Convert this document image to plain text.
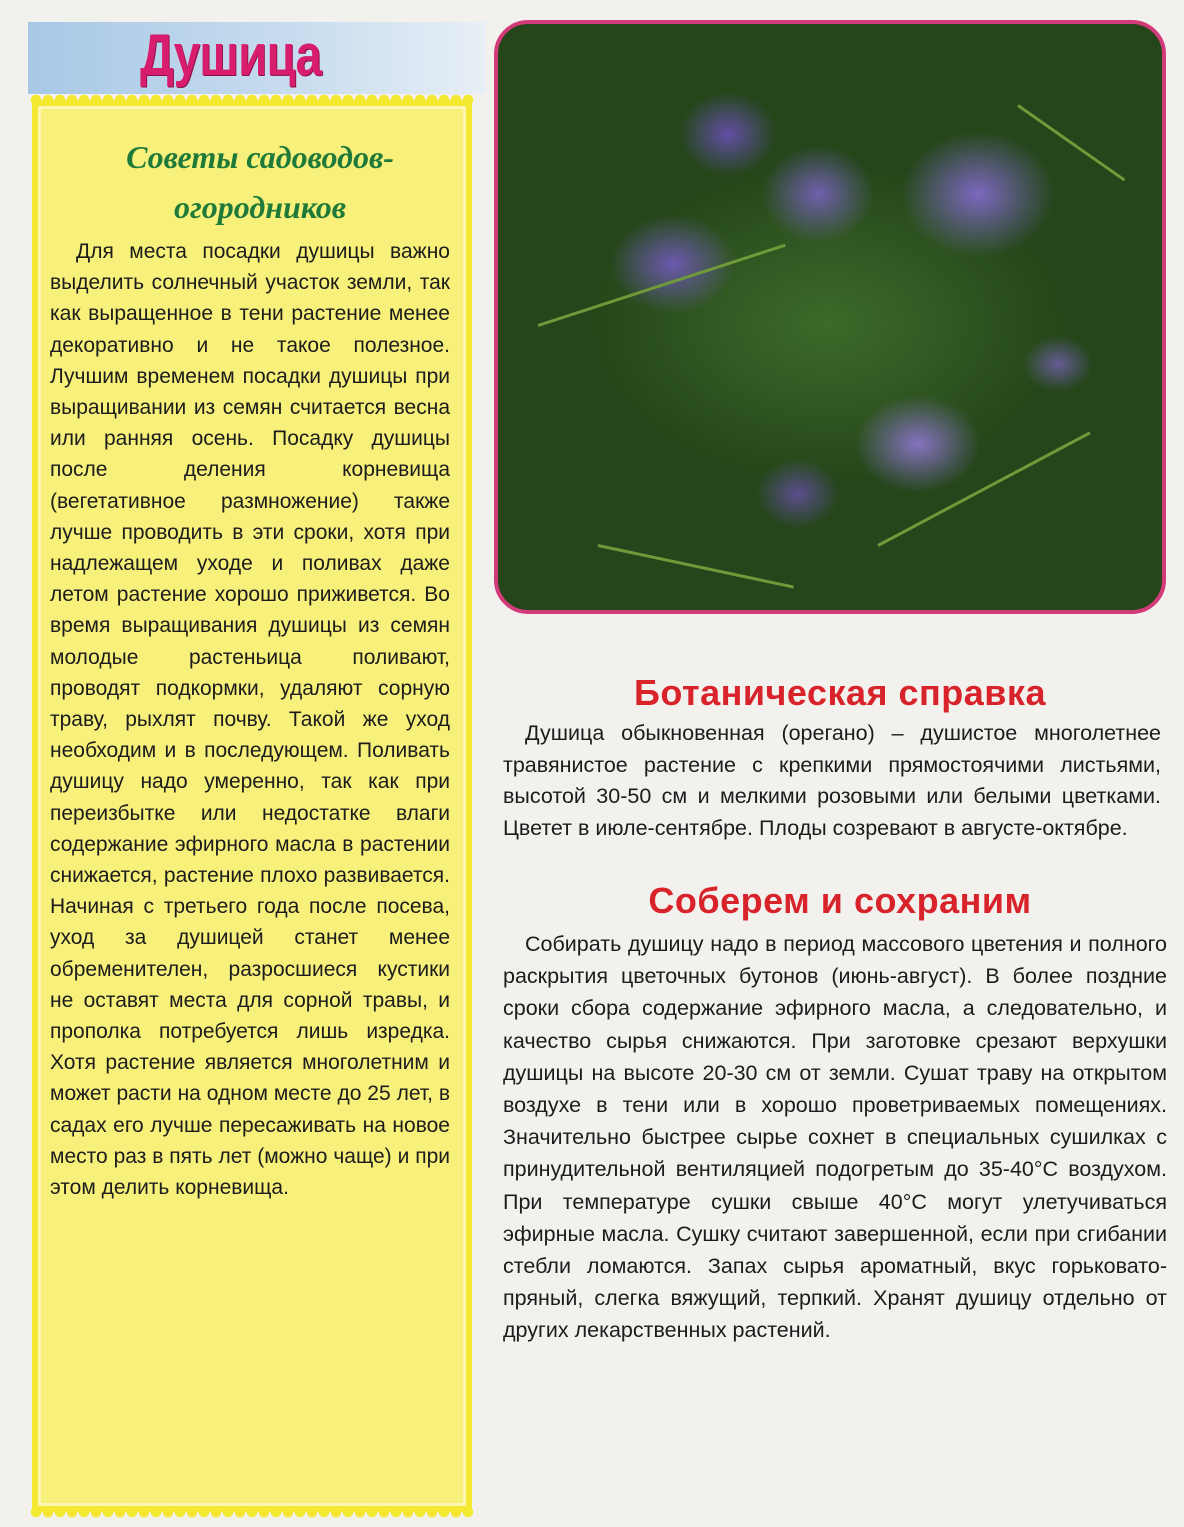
Душица
Советы садоводов-огородников

Для места посадки душицы важно выделить солнечный участок земли, так как выращенное в тени растение менее декоративно и не такое полезное. Лучшим временем посадки душицы при выращивании из семян считается весна или ранняя осень. Посадку душицы после деления корневища (вегетативное размножение) также лучше проводить в эти сроки, хотя при надлежащем уходе и поливах даже летом растение хорошо приживется. Во время выращивания душицы из семян молодые растеньица поливают, проводят подкормки, удаляют сорную траву, рыхлят почву. Такой же уход необходим и в последующем. Поливать душицу надо умеренно, так как при переизбытке или недостатке влаги содержание эфирного масла в растении снижается, растение плохо развивается. Начиная с третьего года после посева, уход за душицей станет менее обременителен, разросшиеся кустики не оставят места для сорной травы, и прополка потребуется лишь изредка. Хотя растение является многолетним и может расти на одном месте до 25 лет, в садах его лучше пересаживать на новое место раз в пять лет (можно чаще) и при этом делить корневища.

Ботаническая справка

Душица обыкновенная (орегано) – душистое многолетнее травянистое растение с крепкими прямостоячими листьями, высотой 30-50 см и мелкими розовыми или белыми цветками. Цветет в июле-сентябре. Плоды созревают в августе-октябре.

Соберем и сохраним

Собирать душицу надо в период массового цветения и полного раскрытия цветочных бутонов (июнь-август). В более поздние сроки сбора содержание эфирного масла, а следовательно, и качество сырья снижаются. При заготовке срезают верхушки душицы на высоте 20-30 см от земли. Сушат траву на открытом воздухе в тени или в хорошо проветриваемых помещениях. Значительно быстрее сырье сохнет в специальных сушилках с принудительной вентиляцией подогретым до 35-40°С воздухом. При температуре сушки свыше 40°С могут улетучиваться эфирные масла. Сушку считают завершенной, если при сгибании стебли ломаются. Запах сырья ароматный, вкус горьковато-пряный, слегка вяжущий, терпкий. Хранят душицу отдельно от других лекарственных растений.
